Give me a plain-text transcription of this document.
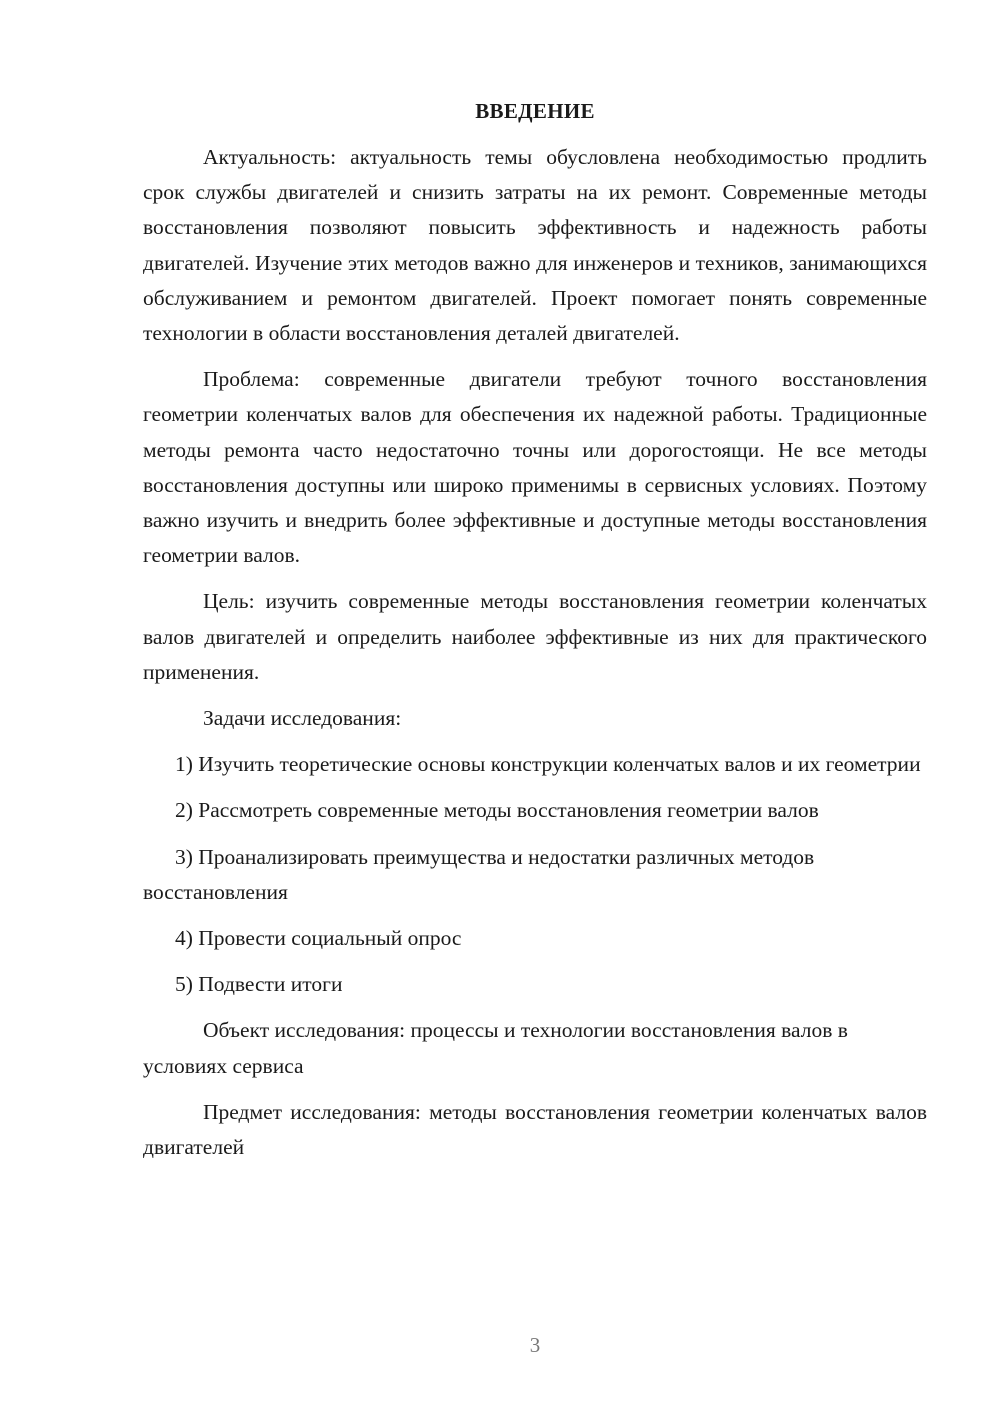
ВВЕДЕНИЕ

Актуальность: актуальность темы обусловлена необходимостью продлить срок службы двигателей и снизить затраты на их ремонт. Современные методы восстановления позволяют повысить эффективность и надежность работы двигателей. Изучение этих методов важно для инженеров и техников, занимающихся обслуживанием и ремонтом двигателей. Проект помогает понять современные технологии в области восстановления деталей двигателей.

Проблема: современные двигатели требуют точного восстановления геометрии коленчатых валов для обеспечения их надежной работы. Традиционные методы ремонта часто недостаточно точны или дорогостоящи. Не все методы восстановления доступны или широко применимы в сервисных условиях. Поэтому важно изучить и внедрить более эффективные и доступные методы восстановления геометрии валов.

Цель: изучить современные методы восстановления геометрии коленчатых валов двигателей и определить наиболее эффективные из них для практического применения.

Задачи исследования:

1) Изучить теоретические основы конструкции коленчатых валов и их геометрии

2) Рассмотреть современные методы восстановления геометрии валов

3) Проанализировать преимущества и недостатки различных методов восстановления

4) Провести социальный опрос

5) Подвести итоги

Объект исследования: процессы и технологии восстановления валов в условиях сервиса

Предмет исследования: методы восстановления геометрии коленчатых валов двигателей

3
